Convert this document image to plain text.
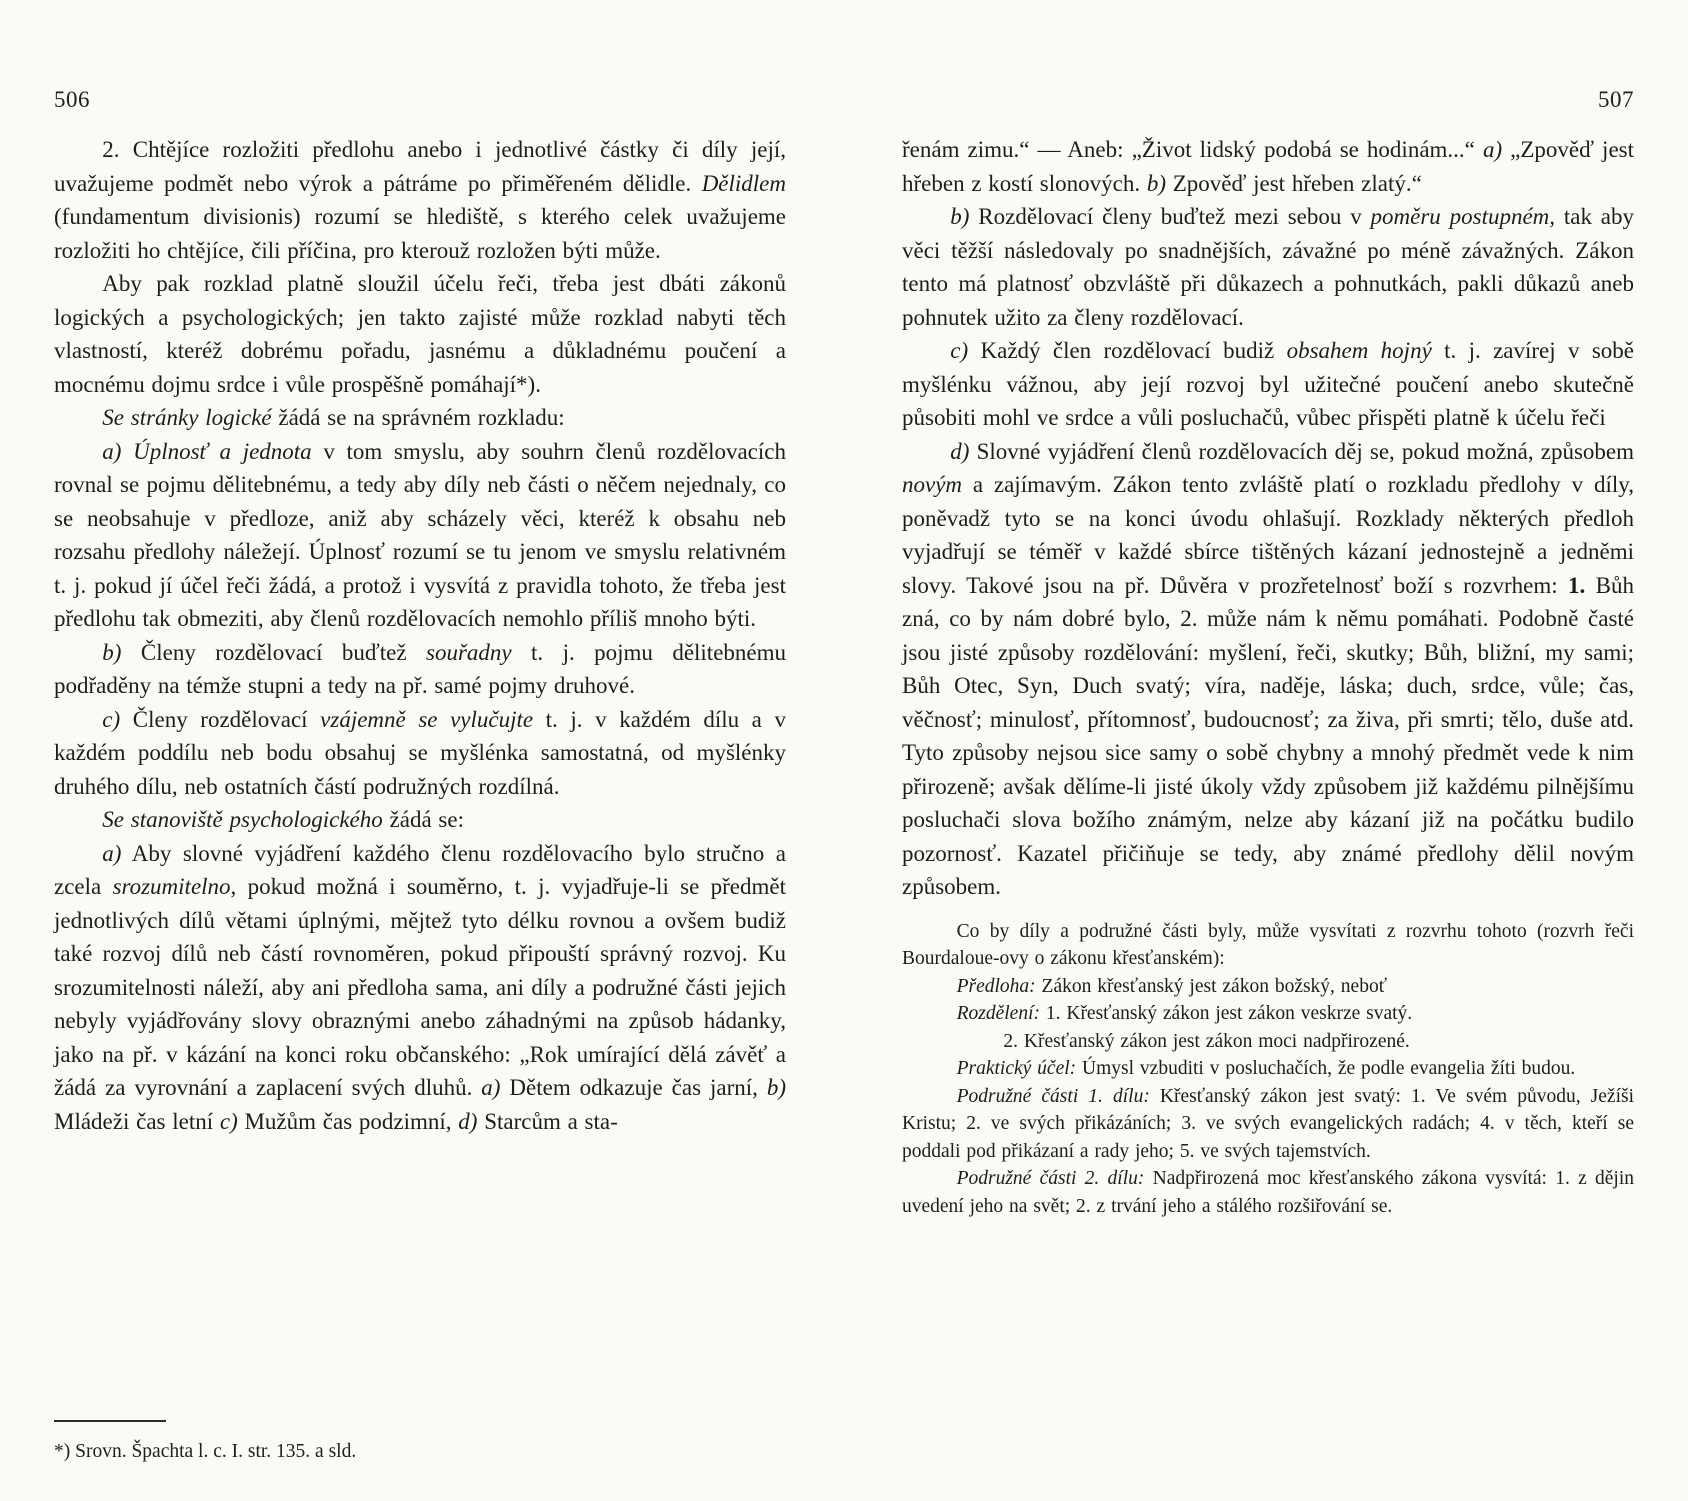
506

2. Chtějíce rozložiti předlohu anebo i jednotlivé částky či díly její, uvažujeme podmět nebo výrok a pátráme po přiměřeném dělidle. Dělidlem (fundamentum divisionis) rozumí se hlediště, s kterého celek uvažujeme rozložiti ho chtějíce, čili příčina, pro kterouž rozložen býti může.

Aby pak rozklad platně sloužil účelu řeči, třeba jest dbáti zákonů logických a psychologických; jen takto zajisté může rozklad nabyti těch vlastností, kteréž dobrému pořadu, jasnému a důkladnému poučení a mocnému dojmu srdce i vůle prospěšně pomáhají*).

Se stránky logické žádá se na správném rozkladu:

a) Úplnosť a jednota v tom smyslu, aby souhrn členů rozdělovacích rovnal se pojmu dělitebnému, a tedy aby díly neb části o něčem nejednaly, co se neobsahuje v předloze, aniž aby scházely věci, kteréž k obsahu neb rozsahu předlohy náležejí. Úplnosť rozumí se tu jenom ve smyslu relativném t. j. pokud jí účel řeči žádá, a protož i vysvítá z pravidla tohoto, že třeba jest předlohu tak obmeziti, aby členů rozdělovacích nemohlo příliš mnoho býti.

b) Členy rozdělovací buďtež souřadny t. j. pojmu dělitebnému podřaděny na témže stupni a tedy na př. samé pojmy druhové.

c) Členy rozdělovací vzájemně se vylučujte t. j. v každém dílu a v každém poddílu neb bodu obsahuj se myšlénka samostatná, od myšlénky druhého dílu, neb ostatních částí podružných rozdílná.

Se stanoviště psychologického žádá se:

a) Aby slovné vyjádření každého členu rozdělovacího bylo stručno a zcela srozumitelno, pokud možná i souměrno, t. j. vyjadřuje-li se předmět jednotlivých dílů větami úplnými, mějtež tyto délku rovnou a ovšem budiž také rozvoj dílů neb částí rovnoměren, pokud připouští správný rozvoj. Ku srozumitelnosti náleží, aby ani předloha sama, ani díly a podružné části jejich nebyly vyjádřovány slovy obraznými anebo záhadnými na způsob hádanky, jako na př. v kázání na konci roku občanského: „Rok umírající dělá závěť a žádá za vyrovnání a zaplacení svých dluhů. a) Dětem odkazuje čas jarní, b) Mládeži čas letní c) Mužům čas podzimní, d) Starcům a sta-

*) Srovn. Špachta l. c. I. str. 135. a sld.
507

řenám zimu.“ — Aneb: „Život lidský podobá se hodinám...“ a) „Zpověď jest hřeben z kostí slonových. b) Zpověď jest hřeben zlatý.“

b) Rozdělovací členy buďtež mezi sebou v poměru postupném, tak aby věci těžší následovaly po snadnějších, závažné po méně závažných. Zákon tento má platnosť obzvláště při důkazech a pohnutkách, pakli důkazů aneb pohnutek užito za členy rozdělovací.

c) Každý člen rozdělovací budiž obsahem hojný t. j. zavírej v sobě myšlénku vážnou, aby její rozvoj byl užitečné poučení anebo skutečně působiti mohl ve srdce a vůli posluchačů, vůbec přispěti platně k účelu řeči

d) Slovné vyjádření členů rozdělovacích děj se, pokud možná, způsobem novým a zajímavým. Zákon tento zvláště platí o rozkladu předlohy v díly, poněvadž tyto se na konci úvodu ohlašují. Rozklady některých předloh vyjadřují se téměř v každé sbírce tištěných kázaní jednostejně a jedněmi slovy. Takové jsou na př. Důvěra v prozřetelnosť boží s rozvrhem: 1. Bůh zná, co by nám dobré bylo, 2. může nám k němu pomáhati. Podobně časté jsou jisté způsoby rozdělování: myšlení, řeči, skutky; Bůh, bližní, my sami; Bůh Otec, Syn, Duch svatý; víra, naděje, láska; duch, srdce, vůle; čas, věčnosť; minulosť, přítomnosť, budoucnosť; za živa, při smrti; tělo, duše atd. Tyto způsoby nejsou sice samy o sobě chybny a mnohý předmět vede k nim přirozeně; avšak dělíme-li jisté úkoly vždy způsobem již každému pilnějšímu posluchači slova božího známým, nelze aby kázaní již na počátku budilo pozornosť. Kazatel přičiňuje se tedy, aby známé předlohy dělil novým způsobem.

Co by díly a podružné části byly, může vysvítati z rozvrhu tohoto (rozvrh řeči Bourdaloue-ovy o zákonu křesťanském):

Předloha: Zákon křesťanský jest zákon božský, neboť

Rozdělení: 1. Křesťanský zákon jest zákon veskrze svatý.

2. Křesťanský zákon jest zákon moci nadpřirozené.

Praktický účel: Úmysl vzbuditi v posluchačích, že podle evangelia žíti budou.

Podružné části 1. dílu: Křesťanský zákon jest svatý: 1. Ve svém původu, Ježíši Kristu; 2. ve svých přikázáních; 3. ve svých evangelických radách; 4. v těch, kteří se poddali pod přikázaní a rady jeho; 5. ve svých tajemstvích.

Podružné části 2. dílu: Nadpřirozená moc křesťanského zákona vysvítá: 1. z dějin uvedení jeho na svět; 2. z trvání jeho a stálého rozšiřování se.
